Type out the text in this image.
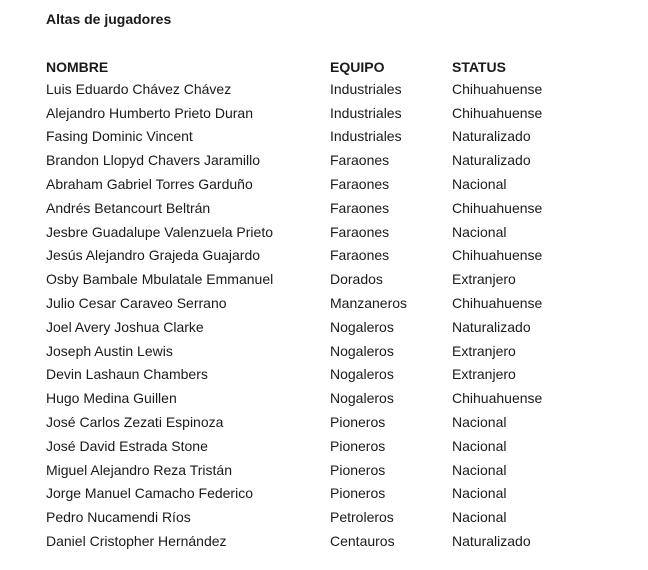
Altas de jugadores
NOMBRE	EQUIPO	STATUS
Luis Eduardo Chávez Chávez	Industriales	Chihuahuense
Alejandro Humberto Prieto Duran	Industriales	Chihuahuense
Fasing Dominic Vincent	Industriales	Naturalizado
Brandon Llopyd Chavers Jaramillo	Faraones	Naturalizado
Abraham Gabriel Torres Garduño	Faraones	Nacional
Andrés Betancourt Beltrán	Faraones	Chihuahuense
Jesbre Guadalupe Valenzuela Prieto	Faraones	Nacional
Jesús Alejandro Grajeda Guajardo	Faraones	Chihuahuense
Osby Bambale Mbulatale Emmanuel	Dorados	Extranjero
Julio Cesar Caraveo Serrano	Manzaneros	Chihuahuense
Joel Avery Joshua Clarke	Nogaleros	Naturalizado
Joseph Austin Lewis	Nogaleros	Extranjero
Devin Lashaun Chambers	Nogaleros	Extranjero
Hugo Medina Guillen	Nogaleros	Chihuahuense
José Carlos Zezati Espinoza	Pioneros	Nacional
José David Estrada Stone	Pioneros	Nacional
Miguel Alejandro Reza Tristán	Pioneros	Nacional
Jorge Manuel Camacho Federico	Pioneros	Nacional
Pedro Nucamendi Ríos	Petroleros	Nacional
Daniel Cristopher Hernández	Centauros	Naturalizado
